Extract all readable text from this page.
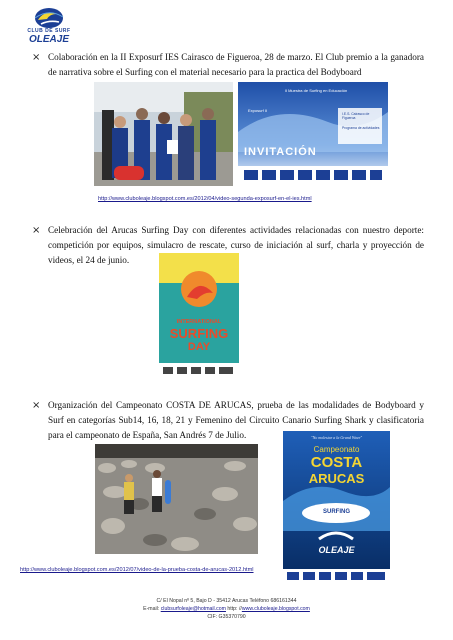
CLUB DE SURF
OLEAJE
× Colaboración en la II Exposurf IES Cairasco de Figueroa, 28 de marzo. El Club premio a la ganadora de narrativa sobre el Surfing con el material necesario para la practica del Bodyboard
II Muestra de Surfing en Educación
Exposurf II
I.E.S. Cairasco de Figueroa
Programa de actividades
INVITACIÓN
http://www.cluboleaje.blogspot.com.es/2012/04/video-segunda-exposurf-en-el-ies.html
× Celebración del Arucas Surfing Day con diferentes actividades relacionadas con nuestro deporte: competición por equipos, simulacro de rescate, curso de iniciación al surf, charla y proyección de videos, el 24 de junio.
INTERNATIONAL
SURFING
DAY
× Organización del Campeonato COSTA DE ARUCAS, prueba de las modalidades de Bodyboard y Surf en categorías Sub14, 16, 18, 21 y Femenino del Circuito Canario Surfing Shark y clasificatoria para el campeonato de España, San Andrés 7 de Julio.	"No molestar a la Grand Wave"
Campeonato
COSTA
ARUCAS
SURFING
OLEAJE
http://www.cluboleaje.blogspot.com.es/2012/07/video-de-la-prueba-costa-de-arucas-2012.html
C/ El Nopal nº 5, Bajo D - 35412 Arucas Teléfono 686161344
E-mail: clubsurfoleaje@hotmail.com http: //www.cluboleaje.blogspot.com
CIF: G35370790
